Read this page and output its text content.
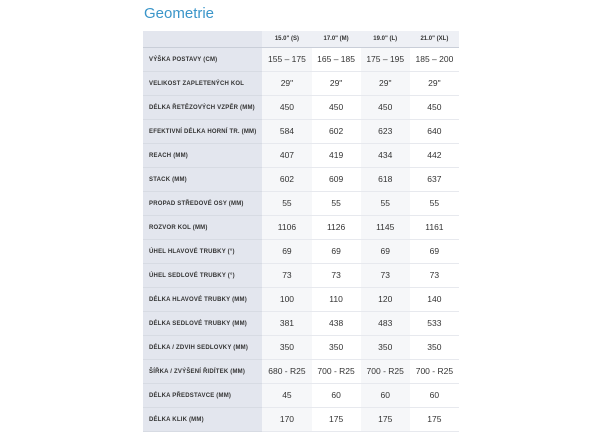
Geometrie
	15.0" (S)	17.0" (M)	19.0" (L)	21.0" (XL)
VÝŠKA POSTAVY (CM)	155 – 175	165 – 185	175 – 195	185 – 200
VELIKOST ZAPLETENÝCH KOL	29"	29"	29"	29"
DÉLKA ŘETĚZOVÝCH VZPĚR (MM)	450	450	450	450
EFEKTIVNÍ DÉLKA HORNÍ TR. (MM)	584	602	623	640
REACH (MM)	407	419	434	442
STACK (MM)	602	609	618	637
PROPAD STŘEDOVÉ OSY (MM)	55	55	55	55
ROZVOR KOL (MM)	1106	1126	1145	1161
ÚHEL HLAVOVÉ TRUBKY (°)	69	69	69	69
ÚHEL SEDLOVÉ TRUBKY (°)	73	73	73	73
DÉLKA HLAVOVÉ TRUBKY (MM)	100	110	120	140
DÉLKA SEDLOVÉ TRUBKY (MM)	381	438	483	533
DÉLKA / ZDVIH SEDLOVKY (MM)	350	350	350	350
ŠÍŘKA / ZVÝŠENÍ ŘIDÍTEK (MM)	680 - R25	700 - R25	700 - R25	700 - R25
DÉLKA PŘEDSTAVCE (MM)	45	60	60	60
DÉLKA KLIK (MM)	170	175	175	175
